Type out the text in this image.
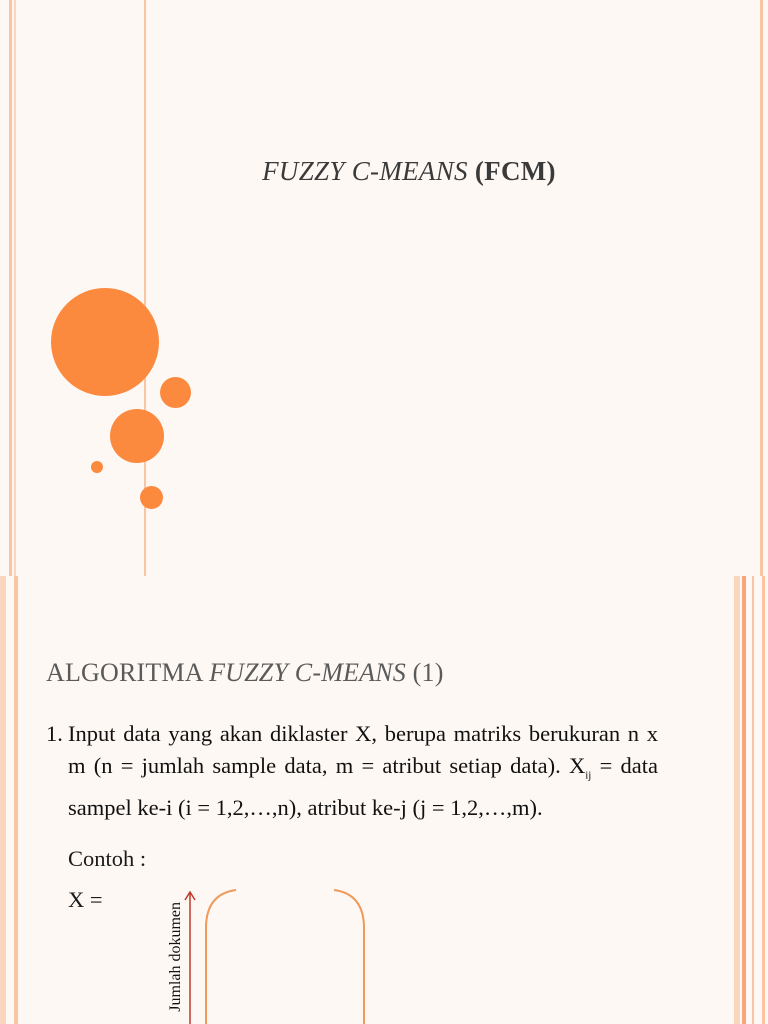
FUZZY C-MEANS (FCM)
ALGORITMA FUZZY C-MEANS (1)
1. Input data yang akan diklaster X, berupa matriks berukuran n x m (n = jumlah sample data, m = atribut setiap data). $X_{ij}$ = data sampel ke-i (i = 1,2,…,n), atribut ke-j (j = 1,2,…,m).
Contoh :
X =
Jumlah dokumen
